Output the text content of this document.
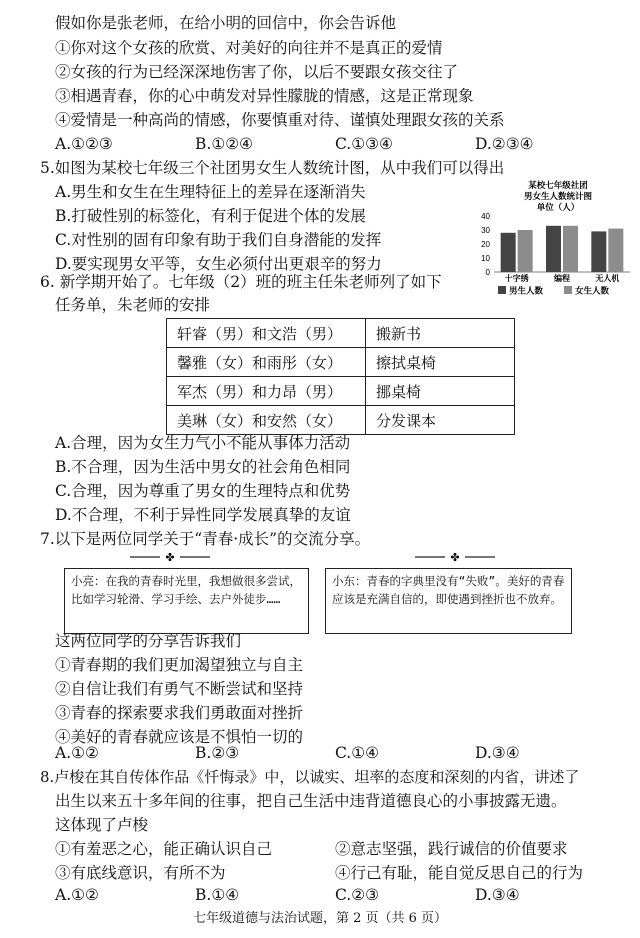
假如你是张老师，在给小明的回信中，你会告诉他
①你对这个女孩的欣赏、对美好的向往并不是真正的爱情
②女孩的行为已经深深地伤害了你，以后不要跟女孩交往了
③相遇青春，你的心中萌发对异性朦胧的情感，这是正常现象
④爱情是一种高尚的情感，你要慎重对待、谨慎处理跟女孩的关系
A.①②③	B.①②④	C.①③④	D.②③④
5.如图为某校七年级三个社团男女生人数统计图，从中我们可以得出
A.男生和女生在生理特征上的差异在逐渐消失
B.打破性别的标签化，有利于促进个体的发展
C.对性别的固有印象有助于我们自身潜能的发挥
D.要实现男女平等，女生必须付出更艰辛的努力
某校七年级社团
男女生人数统计图
单位（人）
0
10
20
30
40
十字绣	编程	无人机
男生人数	女生人数
6. 新学期开始了。七年级（2）班的班主任朱老师列了如下
任务单，朱老师的安排
轩睿（男）和文浩（男）	搬新书
馨雅（女）和雨彤（女）	擦拭桌椅
军杰（男）和力昂（男）	挪桌椅
美琳（女）和安然（女）	分发课本
A.合理，因为女生力气小不能从事体力活动
B.不合理，因为生活中男女的社会角色相同
C.合理，因为尊重了男女的生理特点和优势
D.不合理，不利于异性同学发展真挚的友谊
7.以下是两位同学关于“青春·成长”的交流分享。
✤	✤
小亮：在我的青春时光里，我想做很多尝试，比如学习轮滑、学习手绘、去户外徒步……
小东：青春的字典里没有“失败”。美好的青春应该是充满自信的，即使遇到挫折也不放弃。
这两位同学的分享告诉我们
①青春期的我们更加渴望独立与自主
②自信让我们有勇气不断尝试和坚持
③青春的探索要求我们勇敢面对挫折
④美好的青春就应该是不惧怕一切的
A.①②	B.②③	C.①④	D.③④
8.卢梭在其自传体作品《忏悔录》中，以诚实、坦率的态度和深刻的内省，讲述了
出生以来五十多年间的往事，把自己生活中违背道德良心的小事披露无遗。
这体现了卢梭
①有羞恶之心，能正确认识自己	②意志坚强，践行诚信的价值要求
③有底线意识，有所不为	④行己有耻，能自觉反思自己的行为
A.①②	B.①④	C.②③	D.③④
七年级道德与法治试题，第 2 页（共 6 页）
